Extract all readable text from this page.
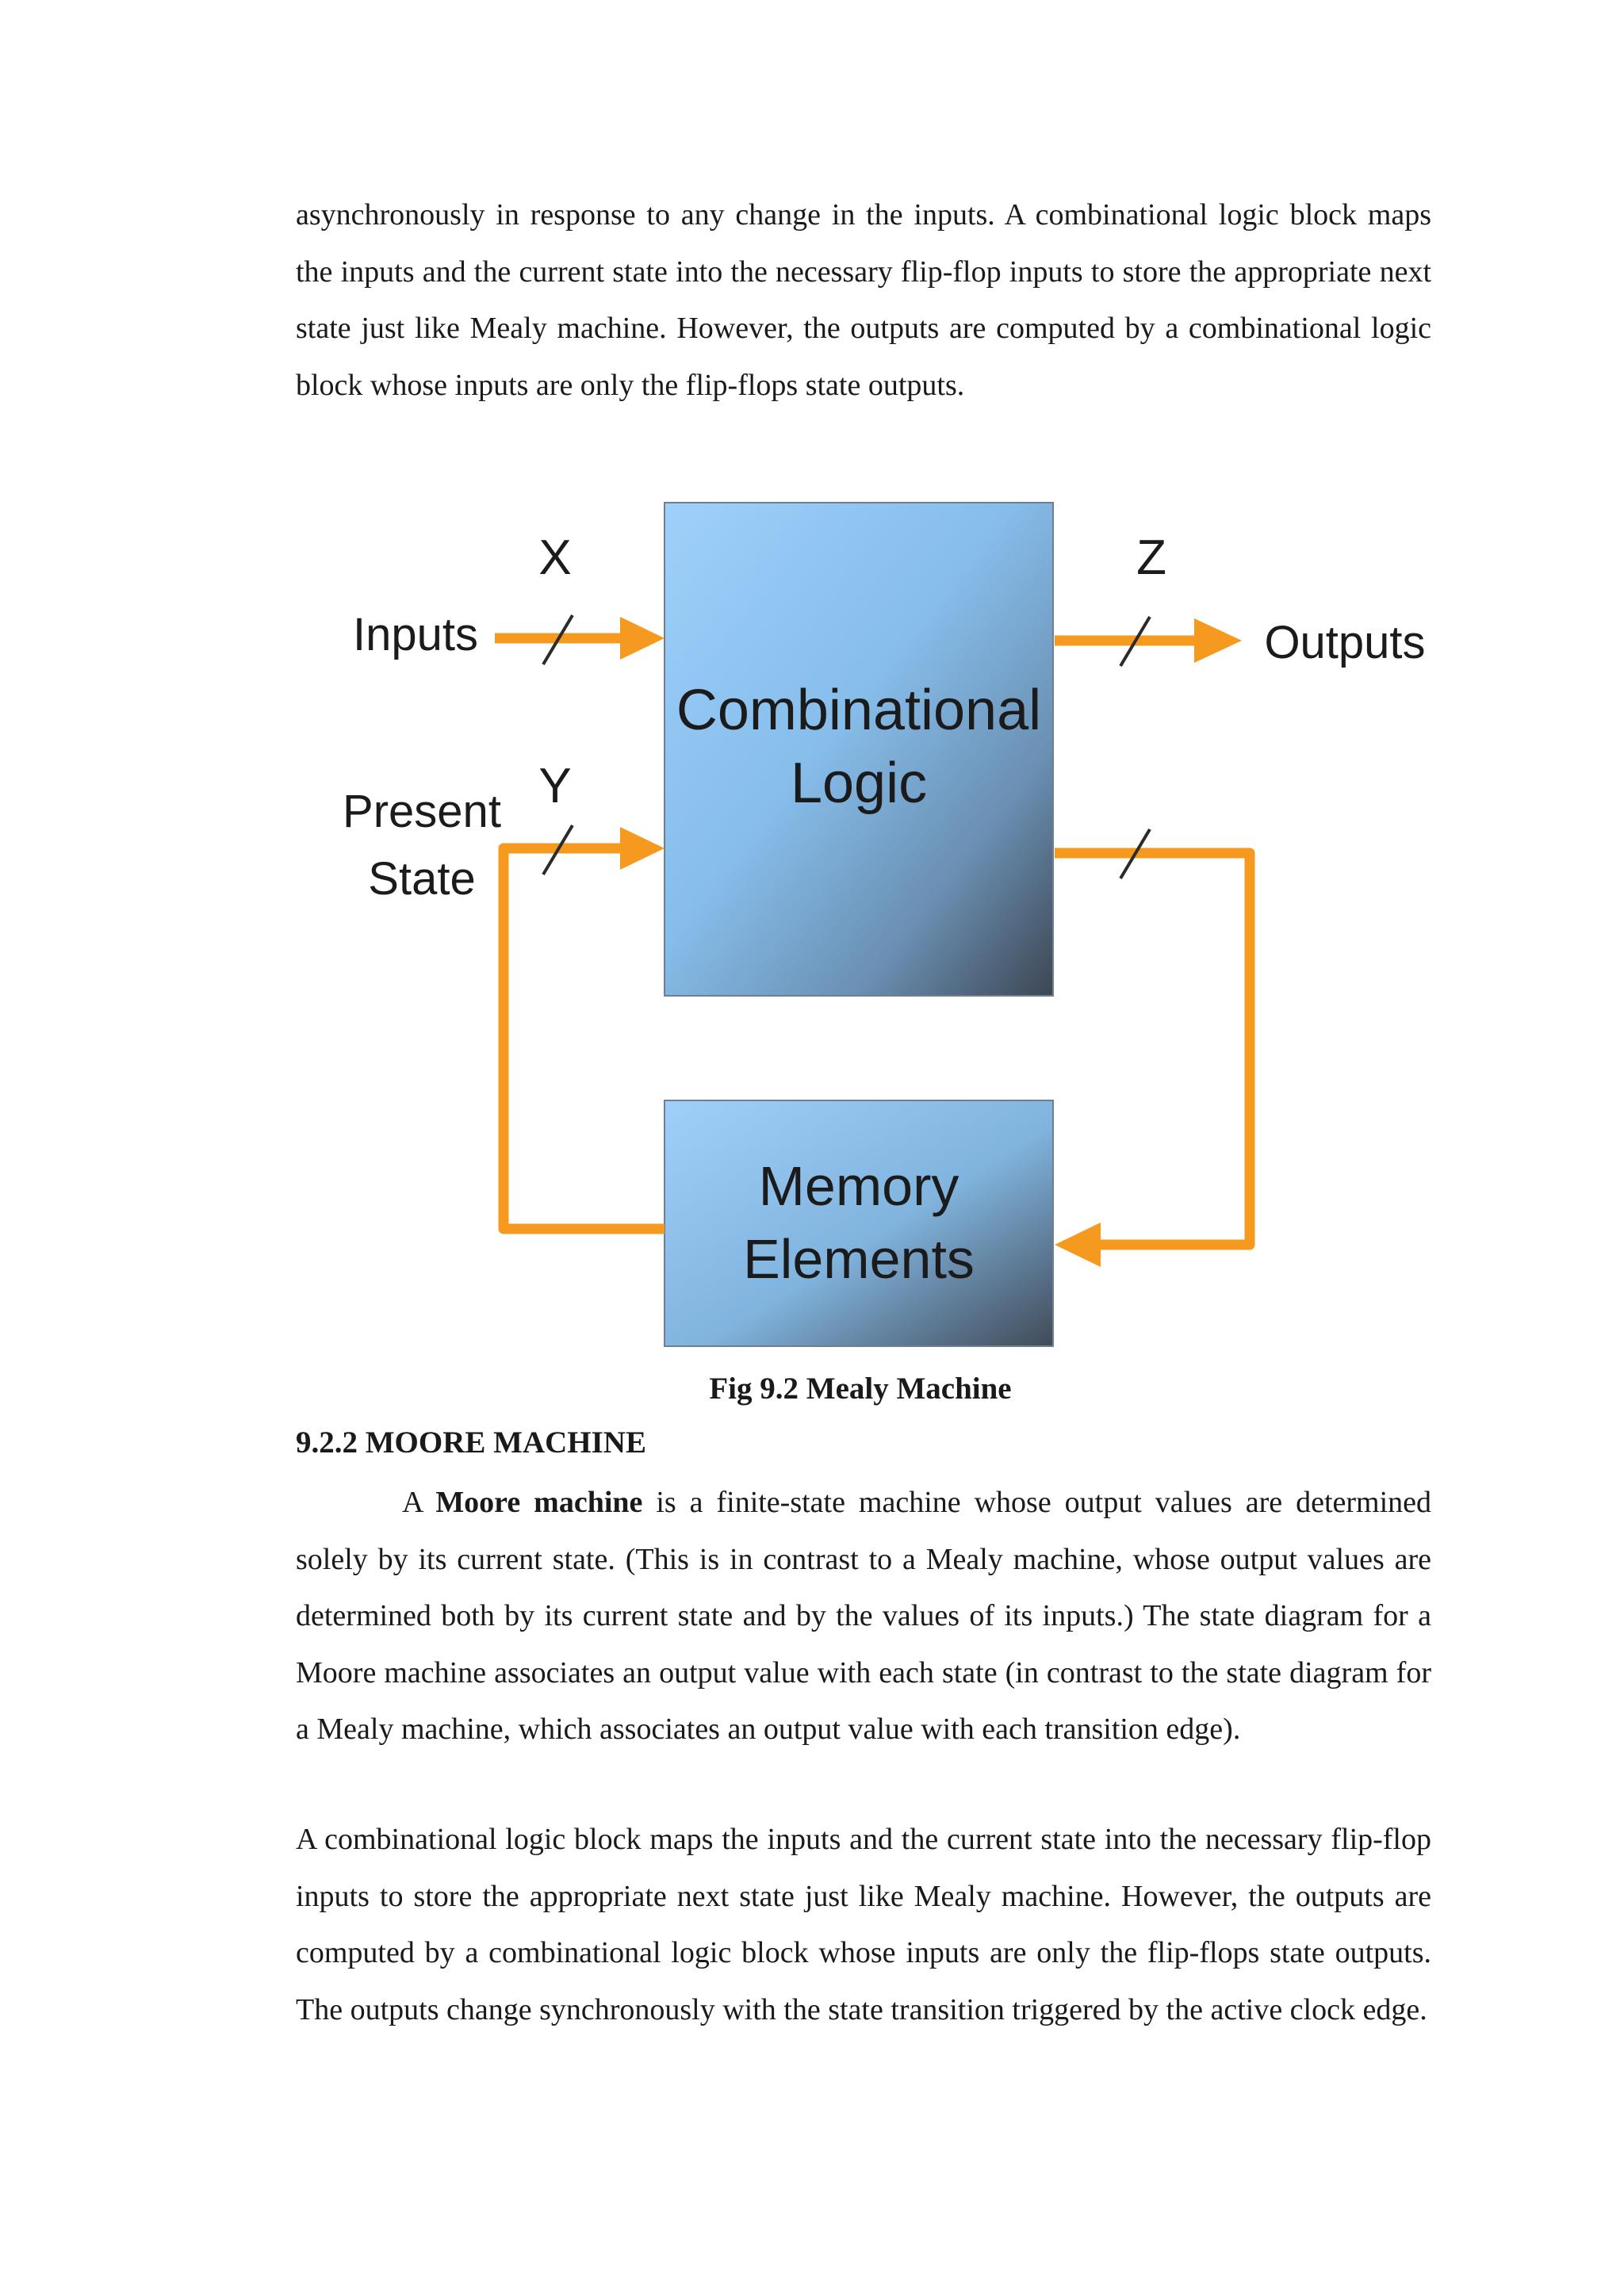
asynchronously in response to any change in the inputs. A combinational logic block maps the inputs and the current state into the necessary flip-flop inputs to store the appropriate next state just like Mealy machine. However, the outputs are computed by a combinational logic block whose inputs are only the flip-flops state outputs.

X	Z
Y
Inputs	Outputs
Present
State
Combinational
Logic
Memory
Elements

Fig 9.2 Mealy Machine

9.2.2 MOORE MACHINE

A Moore machine is a finite-state machine whose output values are determined solely by its current state. (This is in contrast to a Mealy machine, whose output values are determined both by its current state and by the values of its inputs.) The state diagram for a Moore machine associates an output value with each state (in contrast to the state diagram for a Mealy machine, which associates an output value with each transition edge).

A combinational logic block maps the inputs and the current state into the necessary flip-flop inputs to store the appropriate next state just like Mealy machine. However, the outputs are computed by a combinational logic block whose inputs are only the flip-flops state outputs. The outputs change synchronously with the state transition triggered by the active clock edge.
